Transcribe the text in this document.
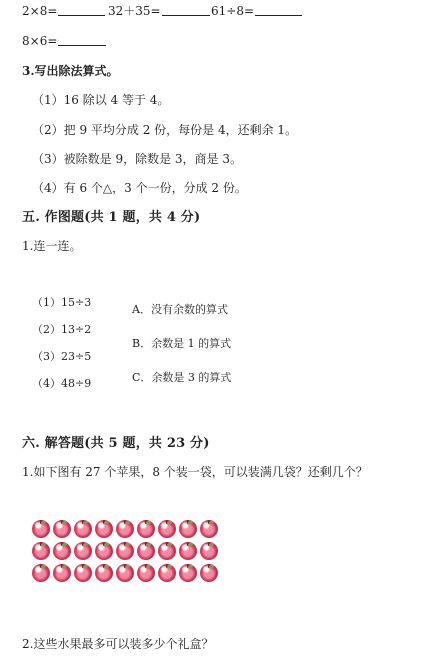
2×8=	32＋35=	61÷8=
8×6=
3.写出除法算式。
（1）16 除以 4 等于 4。
（2）把 9 平均分成 2 份，每份是 4，还剩余 1。
（3）被除数是 9，除数是 3，商是 3。
（4）有 6 个△，3 个一份，分成 2 份。
五. 作图题(共 1 题，共 4 分)
1.连一连。
（1）15÷3
（2）13÷2
（3）23÷5
（4）48÷9
A．没有余数的算式
B．余数是 1 的算式
C．余数是 3 的算式
六. 解答题(共 5 题，共 23 分)
1.如下图有 27 个苹果，8 个装一袋，可以装满几袋？还剩几个？
2.这些水果最多可以装多少个礼盒？
